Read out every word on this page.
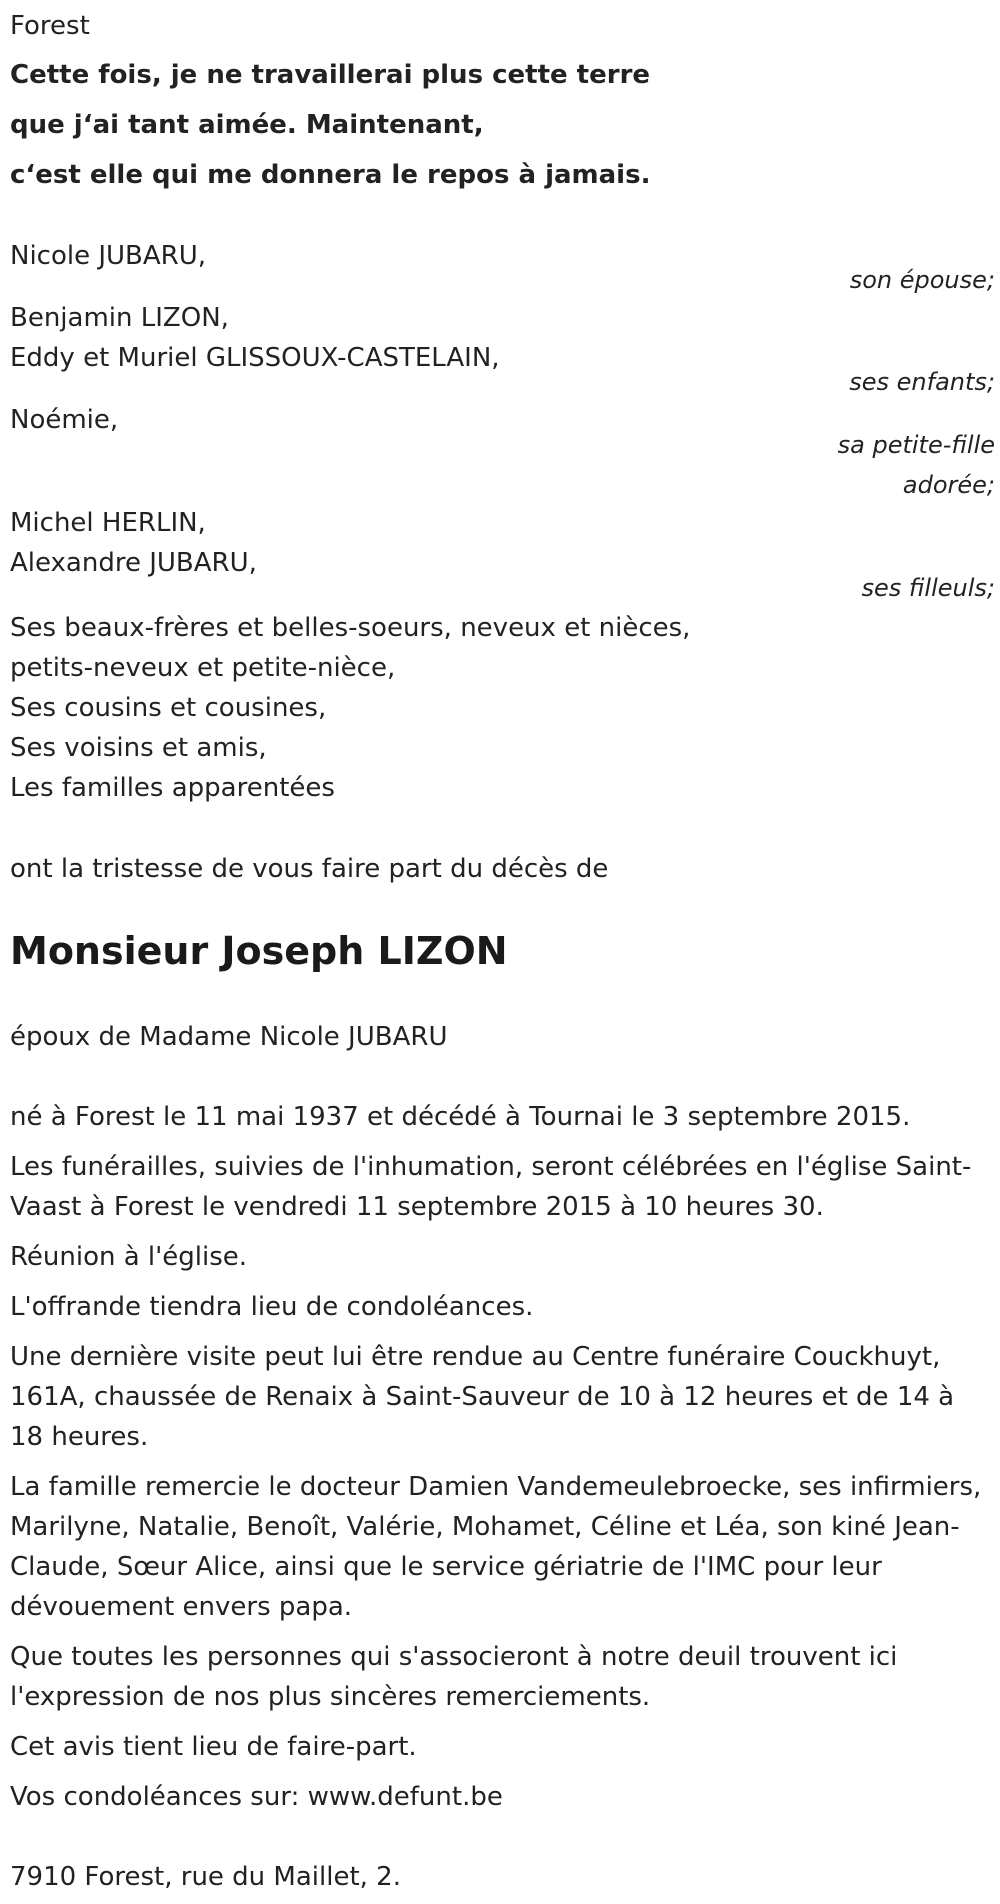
Forest
Cette fois, je ne travaillerai plus cette terre
que j‘ai tant aimée. Maintenant,
c‘est elle qui me donnera le repos à jamais.
Nicole JUBARU,
son épouse;
Benjamin LIZON,
Eddy et Muriel GLISSOUX-CASTELAIN,
ses enfants;
Noémie,
sa petite-fille
adorée;
Michel HERLIN,
Alexandre JUBARU,
ses filleuls;
Ses beaux-frères et belles-soeurs, neveux et nièces,
petits-neveux et petite-nièce,
Ses cousins et cousines,
Ses voisins et amis,
Les familles apparentées
ont la tristesse de vous faire part du décès de
Monsieur Joseph LIZON
époux de Madame Nicole JUBARU
né à Forest le 11 mai 1937 et décédé à Tournai le 3 septembre 2015.
Les funérailles, suivies de l'inhumation, seront célébrées en l'église Saint-Vaast à Forest le vendredi 11 septembre 2015 à 10 heures 30.
Réunion à l'église.
L'offrande tiendra lieu de condoléances.
Une dernière visite peut lui être rendue au Centre funéraire Couckhuyt, 161A, chaussée de Renaix à Saint-Sauveur de 10 à 12 heures et de 14 à 18 heures.
La famille remercie le docteur Damien Vandemeulebroecke, ses infirmiers, Marilyne, Natalie, Benoît, Valérie, Mohamet, Céline et Léa, son kiné Jean-Claude, Sœur Alice, ainsi que le service gériatrie de l'IMC pour leur dévouement envers papa.
Que toutes les personnes qui s'associeront à notre deuil trouvent ici l'expression de nos plus sincères remerciements.
Cet avis tient lieu de faire-part.
Vos condoléances sur: www.defunt.be
7910 Forest, rue du Maillet, 2.
